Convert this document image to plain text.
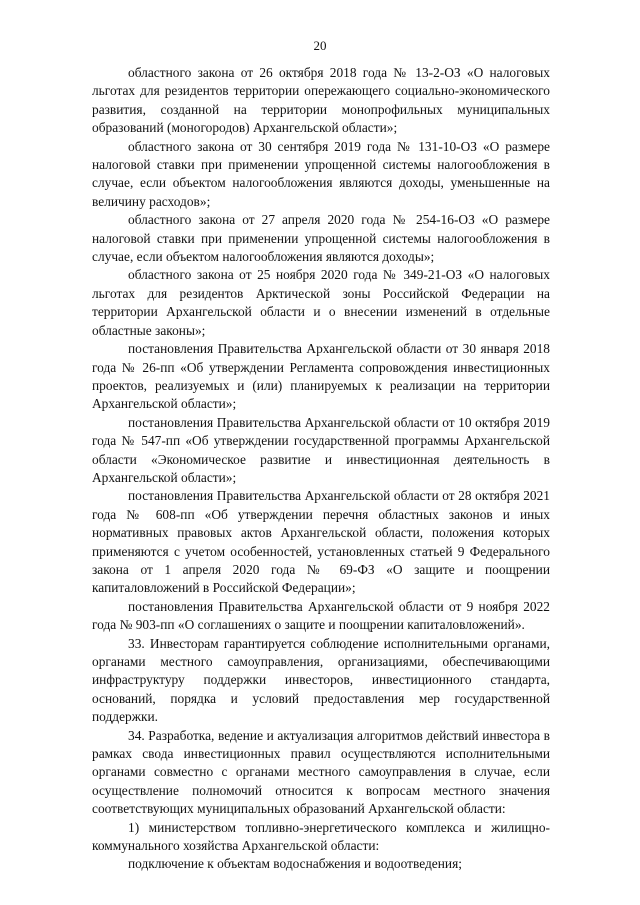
20

областного закона от 26 октября 2018 года № 13-2-ОЗ «О налоговых льготах для резидентов территории опережающего социально-экономического развития, созданной на территории монопрофильных муниципальных образований (моногородов) Архангельской области»;

областного закона от 30 сентября 2019 года № 131-10-ОЗ «О размере налоговой ставки при применении упрощенной системы налогообложения в случае, если объектом налогообложения являются доходы, уменьшенные на величину расходов»;

областного закона от 27 апреля 2020 года № 254-16-ОЗ «О размере налоговой ставки при применении упрощенной системы налогообложения в случае, если объектом налогообложения являются доходы»;

областного закона от 25 ноября 2020 года № 349-21-ОЗ «О налоговых льготах для резидентов Арктической зоны Российской Федерации на территории Архангельской области и о внесении изменений в отдельные областные законы»;

постановления Правительства Архангельской области от 30 января 2018 года № 26-пп «Об утверждении Регламента сопровождения инвестиционных проектов, реализуемых и (или) планируемых к реализации на территории Архангельской области»;

постановления Правительства Архангельской области от 10 октября 2019 года № 547-пп «Об утверждении государственной программы Архангельской области «Экономическое развитие и инвестиционная деятельность в Архангельской области»;

постановления Правительства Архангельской области от 28 октября 2021 года № 608-пп «Об утверждении перечня областных законов и иных нормативных правовых актов Архангельской области, положения которых применяются с учетом особенностей, установленных статьей 9 Федерального закона от 1 апреля 2020 года № 69-ФЗ «О защите и поощрении капиталовложений в Российской Федерации»;

постановления Правительства Архангельской области от 9 ноября 2022 года № 903-пп «О соглашениях о защите и поощрении капиталовложений».

33. Инвесторам гарантируется соблюдение исполнительными органами, органами местного самоуправления, организациями, обеспечивающими инфраструктуру поддержки инвесторов, инвестиционного стандарта, оснований, порядка и условий предоставления мер государственной поддержки.

34. Разработка, ведение и актуализация алгоритмов действий инвестора в рамках свода инвестиционных правил осуществляются исполнительными органами совместно с органами местного самоуправления в случае, если осуществление полномочий относится к вопросам местного значения соответствующих муниципальных образований Архангельской области:

1) министерством топливно-энергетического комплекса и жилищно-коммунального хозяйства Архангельской области:

подключение к объектам водоснабжения и водоотведения;
